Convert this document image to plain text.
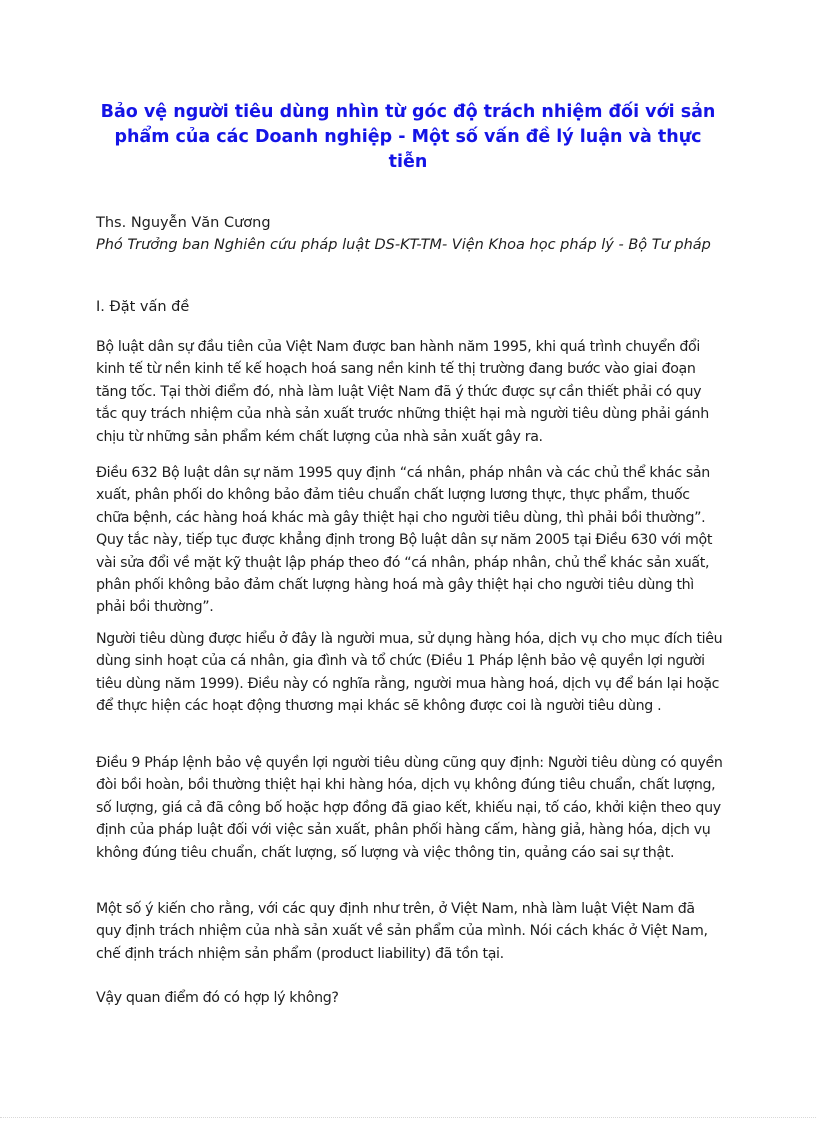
Bảo vệ người tiêu dùng nhìn từ góc độ trách nhiệm đối với sản phẩm của các Doanh nghiệp - Một số vấn đề lý luận và thực tiễn
Ths. Nguyễn Văn Cương
Phó Trưởng ban Nghiên cứu pháp luật DS-KT-TM- Viện Khoa học pháp lý - Bộ Tư pháp
I. Đặt vấn đề

Bộ luật dân sự đầu tiên của Việt Nam được ban hành năm 1995, khi quá trình chuyển đổi kinh tế từ nền kinh tế kế hoạch hoá sang nền kinh tế thị trường đang bước vào giai đoạn tăng tốc. Tại thời điểm đó, nhà làm luật Việt Nam đã ý thức được sự cần thiết phải có quy tắc quy trách nhiệm của nhà sản xuất trước những thiệt hại mà người tiêu dùng phải gánh chịu từ những sản phẩm kém chất lượng của nhà sản xuất gây ra.

Điều 632 Bộ luật dân sự năm 1995 quy định “cá nhân, pháp nhân và các chủ thể khác sản xuất, phân phối do không bảo đảm tiêu chuẩn chất lượng lương thực, thực phẩm, thuốc chữa bệnh, các hàng hoá khác mà gây thiệt hại cho người tiêu dùng, thì phải bồi thường”. Quy tắc này, tiếp tục được khẳng định trong Bộ luật dân sự năm 2005 tại Điều 630 với một vài sửa đổi về mặt kỹ thuật lập pháp theo đó “cá nhân, pháp nhân, chủ thể khác sản xuất, phân phối không bảo đảm chất lượng hàng hoá mà gây thiệt hại cho người tiêu dùng thì phải bồi thường”.

Người tiêu dùng được hiểu ở đây là người mua, sử dụng hàng hóa, dịch vụ cho mục đích tiêu dùng sinh hoạt của cá nhân, gia đình và tổ chức (Điều 1 Pháp lệnh bảo vệ quyền lợi người tiêu dùng năm 1999). Điều này có nghĩa rằng, người mua hàng hoá, dịch vụ để bán lại hoặc để thực hiện các hoạt động thương mại khác sẽ không được coi là người tiêu dùng .

Điều 9 Pháp lệnh bảo vệ quyền lợi người tiêu dùng cũng quy định: Người tiêu dùng có quyền đòi bồi hoàn, bồi thường thiệt hại khi hàng hóa, dịch vụ không đúng tiêu chuẩn, chất lượng, số lượng, giá cả đã công bố hoặc hợp đồng đã giao kết, khiếu nại, tố cáo, khởi kiện theo quy định của pháp luật đối với việc sản xuất, phân phối hàng cấm, hàng giả, hàng hóa, dịch vụ không đúng tiêu chuẩn, chất lượng, số lượng và việc thông tin, quảng cáo sai sự thật.

Một số ý kiến cho rằng, với các quy định như trên, ở Việt Nam, nhà làm luật Việt Nam đã quy định trách nhiệm của nhà sản xuất về sản phẩm của mình. Nói cách khác ở Việt Nam, chế định trách nhiệm sản phẩm (product liability) đã tồn tại.

Vậy quan điểm đó có hợp lý không?
